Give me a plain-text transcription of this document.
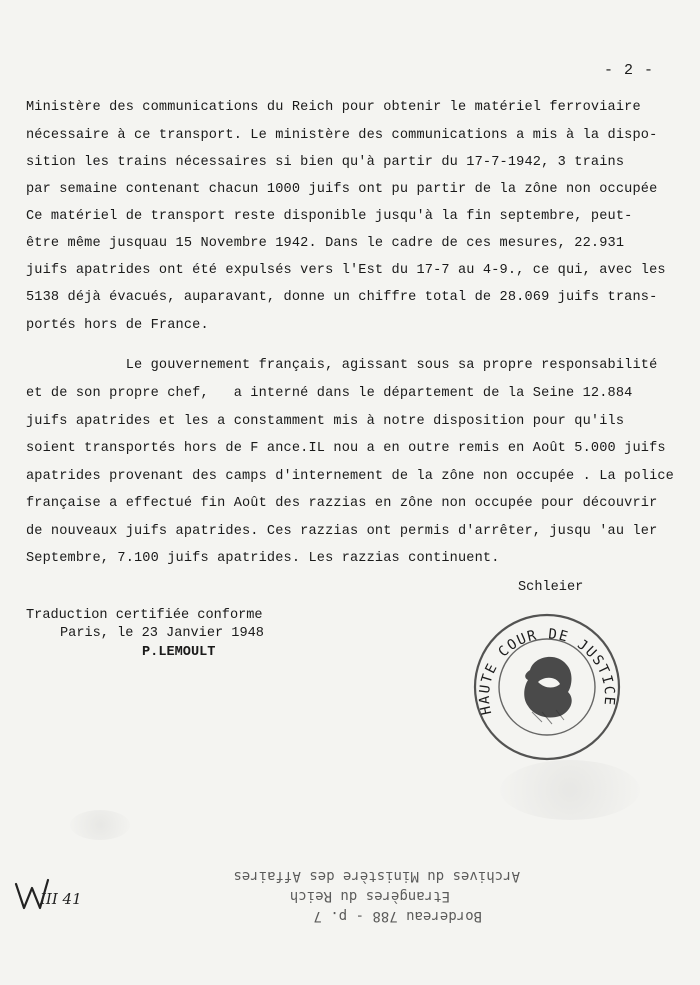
- 2 -
Ministère des communications du Reich pour obtenir le matériel ferroviaire
nécessaire à ce transport. Le ministère des communications a mis à la dispo-
sition les trains nécessaires si bien qu'à partir du 17-7-1942, 3 trains
par semaine contenant chacun 1000 juifs ont pu partir de la zône non occupée
Ce matériel de transport reste disponible jusqu'à la fin septembre, peut-
être même jusquau 15 Novembre 1942. Dans le cadre de ces mesures, 22.931
juifs apatrides ont été expulsés vers l'Est du 17-7 au 4-9., ce qui, avec les
5138 déjà évacués, auparavant, donne un chiffre total de 28.069 juifs trans-
portés hors de France.
Le gouvernement français, agissant sous sa propre responsabilité
et de son propre chef,   a interné dans le département de la Seine 12.884
juifs apatrides et les a constamment mis à notre disposition pour qu'ils
soient transportés hors de F ance.IL nou a en outre remis en Août 5.000 juifs
apatrides provenant des camps d'internement de la zône non occupée . La police
française a effectué fin Août des razzias en zône non occupée pour découvrir
de nouveaux juifs apatrides. Ces razzias ont permis d'arrêter, jusqu 'au ler
Septembre, 7.100 juifs apatrides. Les razzias continuent.
Schleier
Traduction certifiée conforme
Paris, le 23 Janvier 1948
P.LEMOULT
HAUTE COUR DE JUSTICE
Bordereau 788 - p. 7
Etrangères du Reich
Archives du Ministère des Affaires
III 41
